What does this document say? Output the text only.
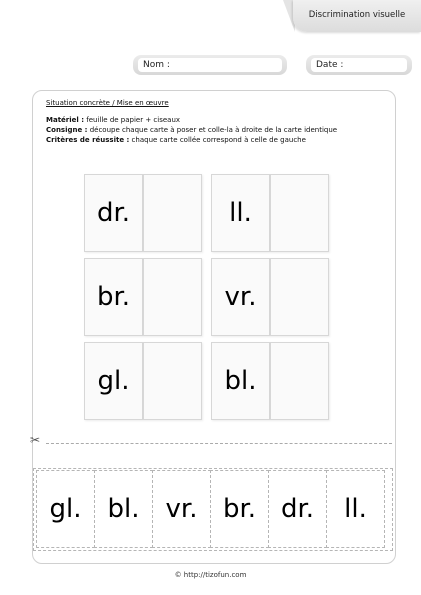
Discrimination visuelle
Nom :	Date :
Situation concrète / Mise en œuvre
Matériel : feuille de papier + ciseaux
Consigne : découpe chaque carte à poser et colle-la à droite de la carte identique
Critères de réussite : chaque carte collée correspond à celle de gauche
dr.	ll.
br.	vr.
gl.	bl.
✂
gl.	bl.	vr. br. dr.	ll.
© http://tizofun.com
